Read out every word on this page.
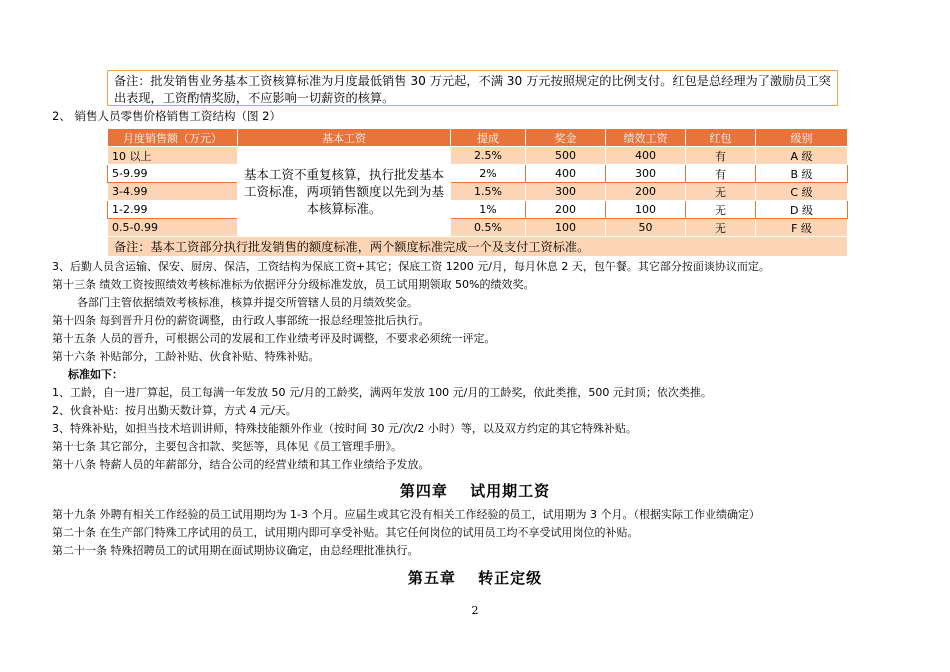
备注：批发销售业务基本工资核算标准为月度最低销售 30 万元起，不满 30 万元按照规定的比例支付。红包是总经理为了激励员工突出表现，工资酌情奖励，不应影响一切薪资的核算。
2、 销售人员零售价格销售工资结构（图 2）
月度销售额（万元）	基本工资	提成	奖金	绩效工资	红包	级别
10 以上	基本工资不重复核算，执行批发基本工资标准，两项销售额度以先到为基本核算标准。	2.5%	500	400	有	A 级
5-9.99		2%	400	300	有	B 级
3-4.99		1.5%	300	200	无	C 级
1-2.99		1%	200	100	无	D 级
0.5-0.99		0.5%	100	50	无	F 级
备注：基本工资部分执行批发销售的额度标准，两个额度标准完成一个及支付工资标准。						
3、后勤人员含运输、保安、厨房、保洁，工资结构为保底工资+其它；保底工资 1200 元/月，每月休息 2 天，包午餐。其它部分按面谈协议而定。
第十三条 绩效工资按照绩效考核标准标为依据评分分级标准发放，员工试用期领取 50%的绩效奖。
各部门主管依据绩效考核标准，核算并提交所管辖人员的月绩效奖金。
第十四条 每到晋升月份的薪资调整，由行政人事部统一报总经理签批后执行。
第十五条 人员的晋升，可根据公司的发展和工作业绩考评及时调整，不要求必须统一评定。
第十六条 补贴部分，工龄补贴、伙食补贴、特殊补贴。
标准如下：
1、工龄，自一进厂算起，员工每满一年发放 50 元/月的工龄奖，满两年发放 100 元/月的工龄奖，依此类推，500 元封顶；依次类推。
2、伙食补贴：按月出勤天数计算，方式 4 元/天。
3、特殊补贴，如担当技术培训讲师，特殊技能额外作业（按时间 30 元/次/2 小时）等，以及双方约定的其它特殊补贴。
第十七条 其它部分，主要包含扣款、奖惩等，具体见《员工管理手册》。
第十八条 特薪人员的年薪部分，结合公司的经营业绩和其工作业绩给予发放。
第四章　 试用期工资
第十九条 外聘有相关工作经验的员工试用期均为 1-3 个月。应届生或其它没有相关工作经验的员工，试用期为 3 个月。（根据实际工作业绩确定）
第二十条 在生产部门特殊工序试用的员工，试用期内即可享受补贴。其它任何岗位的试用员工均不享受试用岗位的补贴。
第二十一条 特殊招聘员工的试用期在面试期协议确定，由总经理批准执行。
第五章　 转正定级
2
